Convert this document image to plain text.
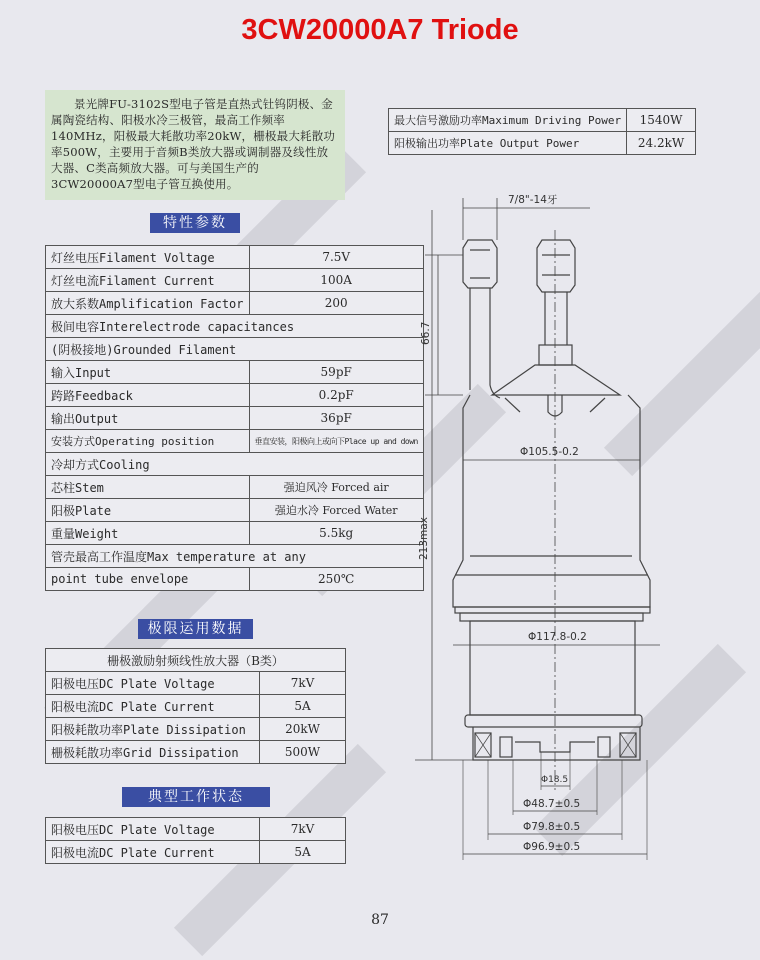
3CW20000A7 Triode
景光牌FU-3102S型电子管是直热式钍钨阴极、金属陶瓷结构、阳极水冷三极管，最高工作频率140MHz，阳极最大耗散功率20kW，栅极最大耗散功率500W，主要用于音频B类放大器或调制器及线性放大器、C类高频放大器。可与美国生产的3CW20000A7型电子管互换使用。
特性参数
灯丝电压Filament Voltage	7.5V
灯丝电流Filament Current	100A
放大系数Amplification Factor	200
极间电容Interelectrode capacitances	
(阴极接地)Grounded Filament	
输入Input	59pF
跨路Feedback	0.2pF
输出Output	36pF
安装方式Operating position	垂直安装，阳极向上或向下Place up and down
冷却方式Cooling	
芯柱Stem	强迫风冷 Forced air
阳极Plate	强迫水冷 Forced Water
重量Weight	5.5kg
管壳最高工作温度Max temperature at any	
point tube envelope	250℃
极限运用数据
栅极激励射频线性放大器（B类）	
阳极电压DC Plate Voltage	7kV
阳极电流DC Plate Current	5A
阳极耗散功率Plate Dissipation	20kW
栅极耗散功率Grid Dissipation	500W
典型工作状态
阳极电压DC Plate Voltage	7kV
阳极电流DC Plate Current	5A
最大信号激励功率Maximum Driving Power	1540W
阳极输出功率Plate Output Power	24.2kW
7/8"-14牙
66.7
213max
Φ105.5-0.2
Φ117.8-0.2
Φ18.5
Φ48.7±0.5
Φ79.8±0.5
Φ96.9±0.5
87
